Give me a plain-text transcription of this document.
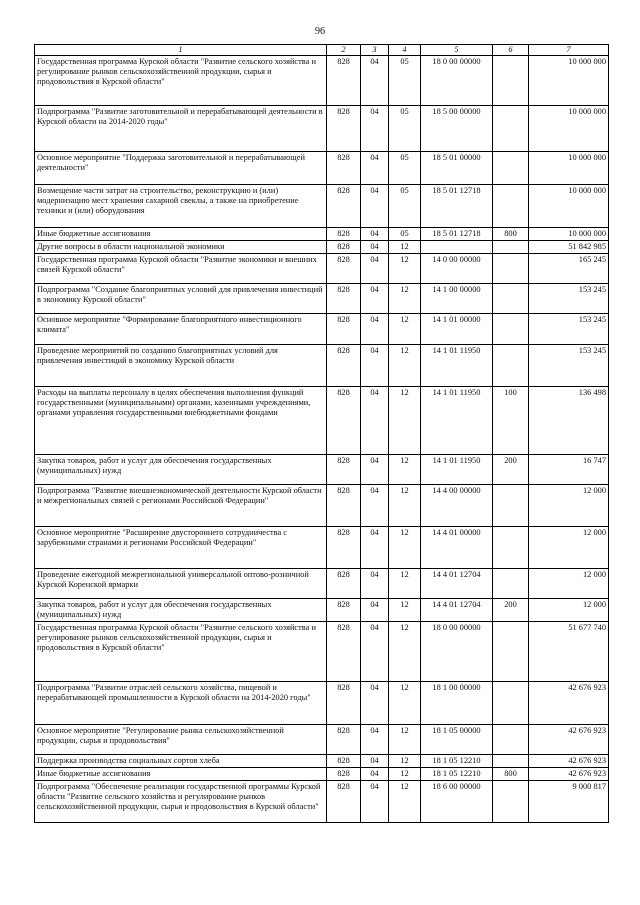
96
1	2	3	4	5	6	7
Государственная программа Курской области "Развитие сельского хозяйства и регулирование рынков сельскохозяйственной продукции, сырья и продовольствия в Курской области"	828	04	05	18 0 00 00000		10 000 000
Подпрограмма "Развитие заготовительной и перерабатывающей деятельности в Курской области на 2014-2020 годы"	828	04	05	18 5 00 00000		10 000 000
Основное мероприятие "Поддержка заготовительной и перерабатывающей деятельности"	828	04	05	18 5 01 00000		10 000 000
Возмещение части затрат на строительство, реконструкцию и (или) модернизацию мест хранения сахарной свеклы, а также на приобретение техники и (или) оборудования	828	04	05	18 5 01 12718		10 000 000
Иные бюджетные ассигнования	828	04	05	18 5 01 12718	800	10 000 000
Другие вопросы в области национальной экономики	828	04	12			51 842 985
Государственная программа Курской области "Развитие экономики и внешних связей Курской области"	828	04	12	14 0 00 00000		165 245
Подпрограмма "Создание благоприятных условий для привлечения инвестиций в экономику Курской области"	828	04	12	14 1 00 00000		153 245
Основное мероприятие "Формирование благоприятного инвестиционного климата"	828	04	12	14 1 01 00000		153 245
Проведение мероприятий по созданию благоприятных условий для привлечения инвестиций в экономику Курской области	828	04	12	14 1 01 11950		153 245
Расходы на выплаты персоналу в целях обеспечения выполнения функций государственными (муниципальными) органами, казенными учреждениями, органами управления государственными внебюджетными фондами	828	04	12	14 1 01 11950	100	136 498
Закупка товаров, работ и услуг для обеспечения государственных (муниципальных) нужд	828	04	12	14 1 01 11950	200	16 747
Подпрограмма "Развитие внешнеэкономической деятельности Курской области и межрегиональных связей с регионами Российской Федерации"	828	04	12	14 4 00 00000		12 000
Основное мероприятие "Расширение двустороннего сотрудничества с зарубежными странами и регионами Российской Федерации"	828	04	12	14 4 01 00000		12 000
Проведение ежегодной межрегиональной универсальной оптово-розничной Курской Коренской ярмарки	828	04	12	14 4 01 12704		12 000
Закупка товаров, работ и услуг для обеспечения государственных (муниципальных) нужд	828	04	12	14 4 01 12704	200	12 000
Государственная программа Курской области "Развитие сельского хозяйства и регулирование рынков сельскохозяйственной продукции, сырья и продовольствия в Курской области"	828	04	12	18 0 00 00000		51 677 740
Подпрограмма "Развитие отраслей сельского хозяйства, пищевой и перерабатывающей промышленности в Курской области на 2014-2020 годы"	828	04	12	18 1 00 00000		42 676 923
Основное мероприятие "Регулирование рынка сельскохозяйственной продукции, сырья и продовольствия"	828	04	12	18 1 05 00000		42 676 923
Поддержка производства социальных сортов хлеба	828	04	12	18 1 05 12210		42 676 923
Иные бюджетные ассигнования	828	04	12	18 1 05 12210	800	42 676 923
Подпрограмма "Обеспечение реализации государственной программы Курской области "Развитие сельского хозяйства и регулирование рынков сельскохозяйственной продукции, сырья и продовольствия в Курской области"	828	04	12	18 6 00 00000		9 000 817
